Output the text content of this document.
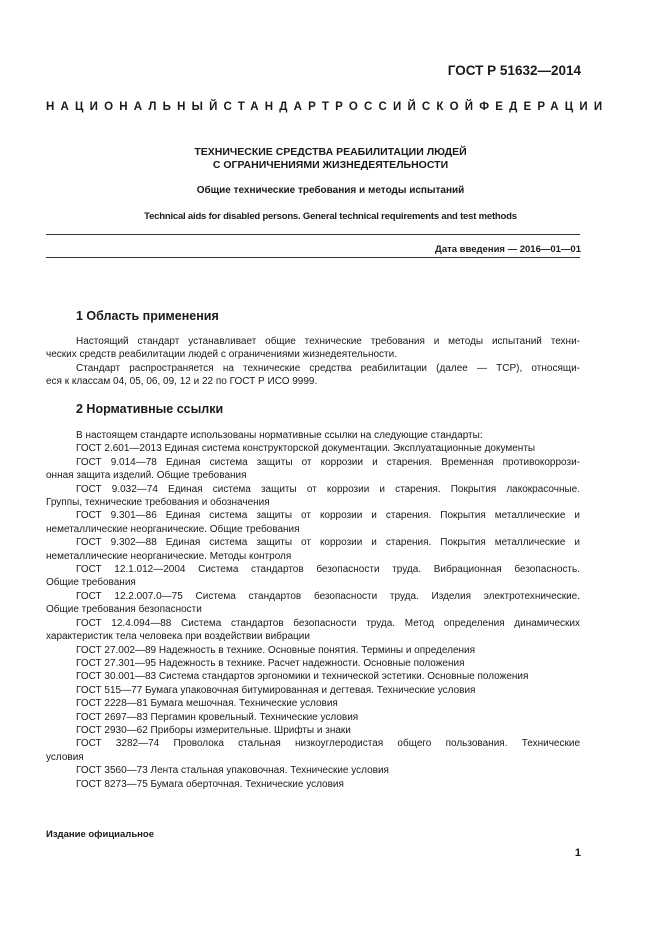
ГОСТ Р 51632—2014
НАЦИОНАЛЬНЫЙ СТАНДАРТ РОССИЙСКОЙ ФЕДЕРАЦИИ
ТЕХНИЧЕСКИЕ СРЕДСТВА РЕАБИЛИТАЦИИ ЛЮДЕЙ
С ОГРАНИЧЕНИЯМИ ЖИЗНЕДЕЯТЕЛЬНОСТИ
Общие технические требования и методы испытаний
Technical aids for disabled persons. General technical requirements and test methods
Дата введения — 2016—01—01
1 Область применения
Настоящий стандарт устанавливает общие технические требования и методы испытаний техни-
ческих средств реабилитации людей с ограничениями жизнедеятельности.
Стандарт распространяется на технические средства реабилитации (далее — ТСР), относящи-
еся к классам 04, 05, 06, 09, 12 и 22 по ГОСТ Р ИСО 9999.
2 Нормативные ссылки
В настоящем стандарте использованы нормативные ссылки на следующие стандарты:
ГОСТ 2.601—2013 Единая система конструкторской документации. Эксплуатационные документы
ГОСТ 9.014—78 Единая система защиты от коррозии и старения. Временная противокоррози-
онная защита изделий. Общие требования
ГОСТ 9.032—74 Единая система защиты от коррозии и старения. Покрытия лакокрасочные.
Группы, технические требования и обозначения
ГОСТ 9.301—86 Единая система защиты от коррозии и старения. Покрытия металлические и
неметаллические неорганические. Общие требования
ГОСТ 9.302—88 Единая система защиты от коррозии и старения. Покрытия металлические и
неметаллические неорганические. Методы контроля
ГОСТ 12.1.012—2004 Система стандартов безопасности труда. Вибрационная безопасность.
Общие требования
ГОСТ 12.2.007.0—75 Система стандартов безопасности труда. Изделия электротехнические.
Общие требования безопасности
ГОСТ 12.4.094—88 Система стандартов безопасности труда. Метод определения динамических
характеристик тела человека при воздействии вибрации
ГОСТ 27.002—89 Надежность в технике. Основные понятия. Термины и определения
ГОСТ 27.301—95 Надежность в технике. Расчет надежности. Основные положения
ГОСТ 30.001—83 Система стандартов эргономики и технической эстетики. Основные положения
ГОСТ 515—77 Бумага упаковочная битумированная и дегтевая. Технические условия
ГОСТ 2228—81 Бумага мешочная. Технические условия
ГОСТ 2697—83 Пергамин кровельный. Технические условия
ГОСТ 2930—62 Приборы измерительные. Шрифты и знаки
ГОСТ 3282—74 Проволока стальная низкоуглеродистая общего пользования. Технические
условия
ГОСТ 3560—73 Лента стальная упаковочная. Технические условия
ГОСТ 8273—75 Бумага оберточная. Технические условия
Издание официальное
1
